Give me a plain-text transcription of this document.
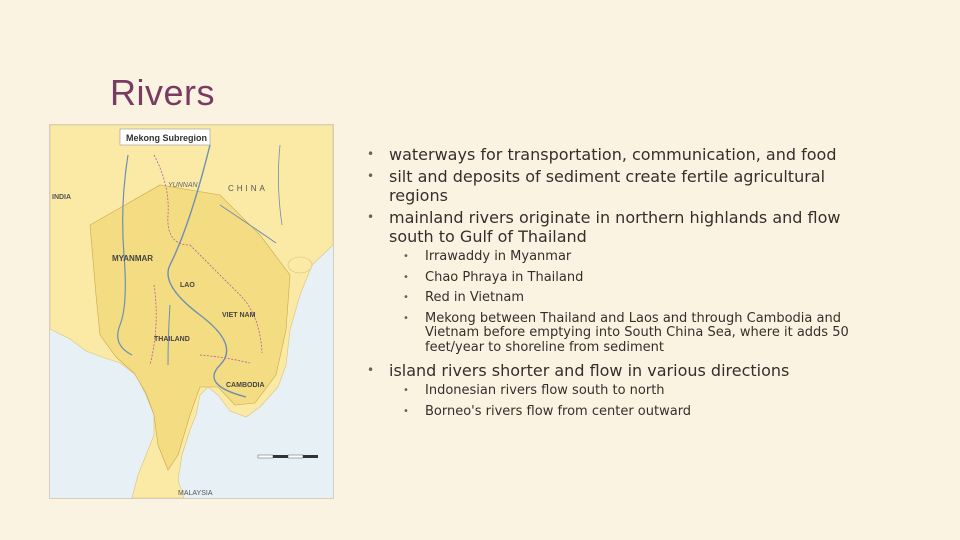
Rivers
Mekong Subregion
INDIA
CHINA
YUNNAN
MYANMAR
LAO
VIET NAM
THAILAND
CAMBODIA
MALAYSIA
• waterways for transportation, communication, and food
• silt and deposits of sediment create fertile agricultural regions
• mainland rivers originate in northern highlands and flow south to Gulf of Thailand
• Irrawaddy in Myanmar
• Chao Phraya in Thailand
• Red in Vietnam
• Mekong between Thailand and Laos and through Cambodia and Vietnam before emptying into South China Sea, where it adds 50 feet/year to shoreline from sediment
• island rivers shorter and flow in various directions
• Indonesian rivers flow south to north
• Borneo's rivers flow from center outward
